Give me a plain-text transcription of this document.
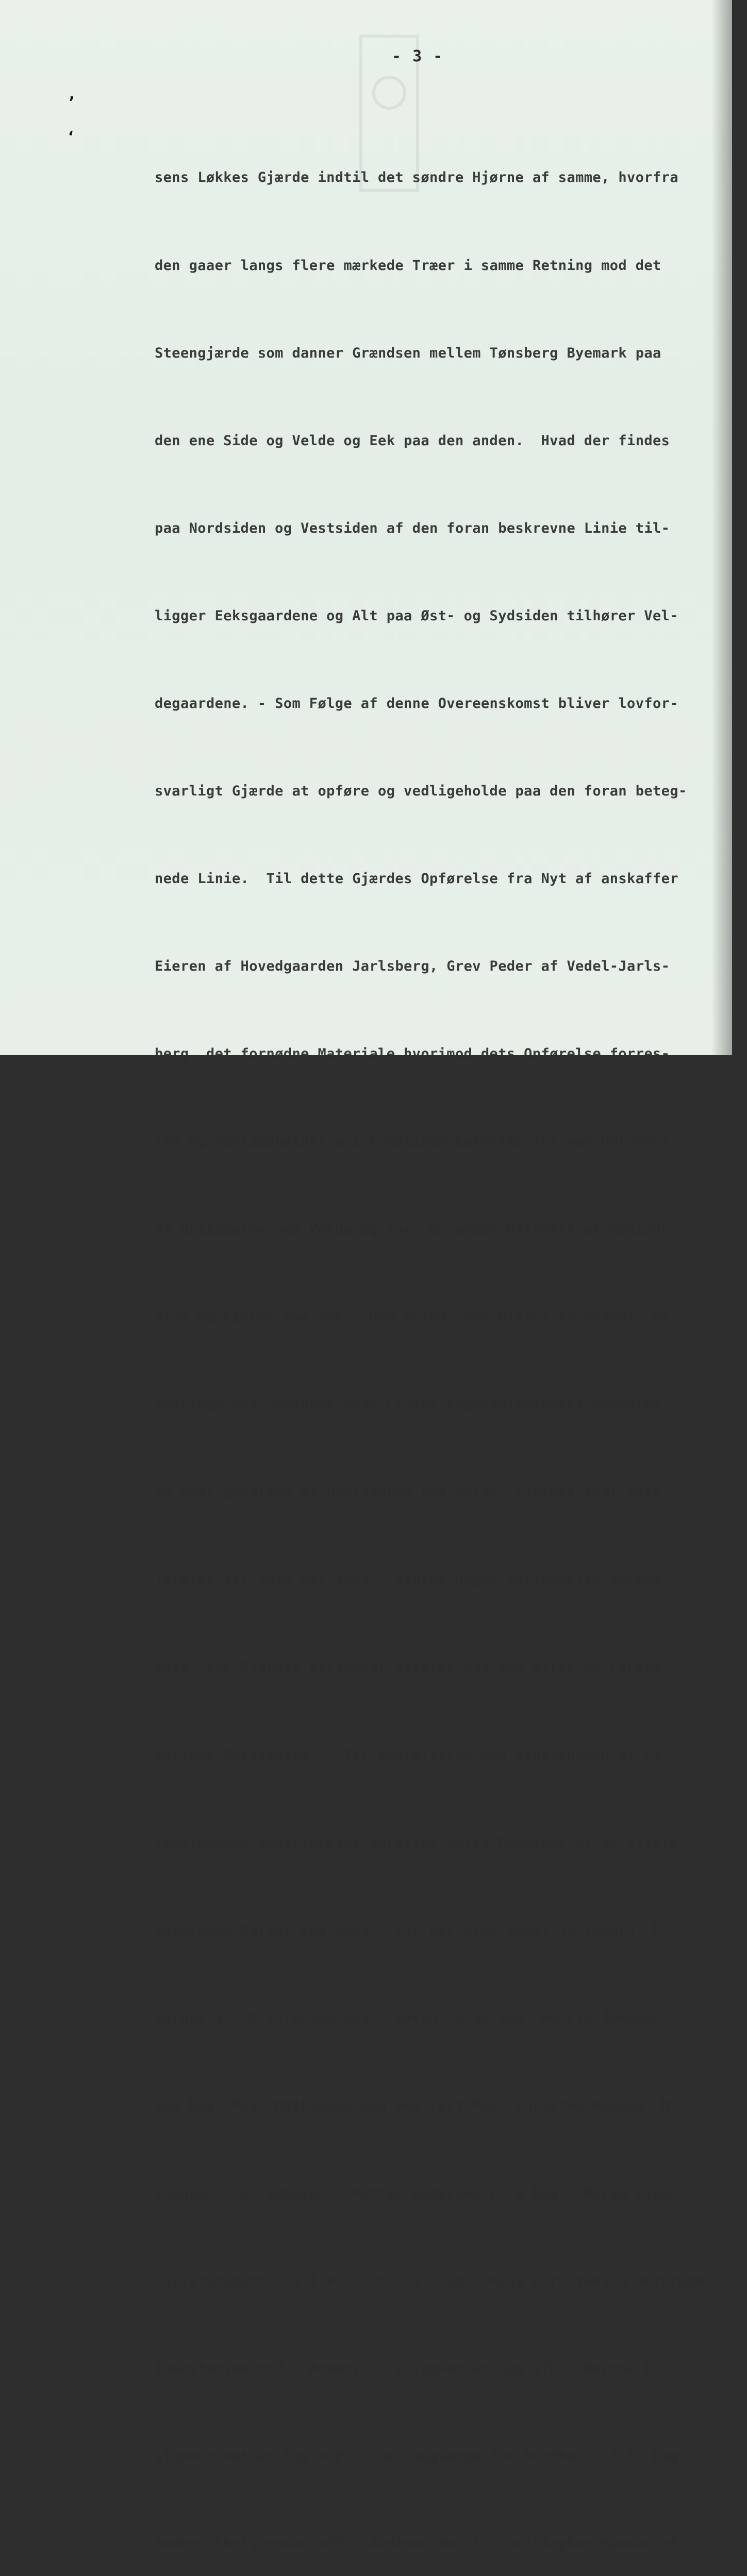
,
ʻ
- 3 -

sens Løkkes Gjærde indtil det søndre Hjørne af samme, hvorfra

den gaaer langs flere mærkede Træer i samme Retning mod det

Steengjærde som danner Grændsen mellem Tønsberg Byemark paa

den ene Side og Velde og Eek paa den anden.  Hvad der findes

paa Nordsiden og Vestsiden af den foran beskrevne Linie til-

ligger Eeksgaardene og Alt paa Øst- og Sydsiden tilhører Vel-

degaardene. - Som Følge af denne Overeenskomst bliver lovfor-

svarligt Gjærde at opføre og vedligeholde paa den foran beteg-

nede Linie.  Til dette Gjærdes Opførelse fra Nyt af anskaffer

Eieren af Hovedgaarden Jarlsberg, Grev Peder af Vedel-Jarls-

berg, det fornødne Materiale hvorimod dets Opførelse forres-

ten og Vedligeholdelse i Fremtiden bekostes for een Halvpart

af Opsidderne paa Velde og for  en anden Halvpart af Opsidd-

erne og Eierne paa Eek.  Den Grind, som bliver fornødent  at

anbringe ved ovenbeskrevne Linies Begyndelsespunct bekostes

og vedligeholdes af Opsidderne paa Velde: Gjærdet skal være

færdigt til 3die Mai 1860.  Skulde nogen Forsømmelse hermed

skee, kan Gjærdet alligevel opføres paa den eller de Forsøm-

meliges Bekostning. - Til Bekræftelse paa Rigtigheden af Fo-

ranstaaende underskreves derefter dette Decument af de tilste-

deværende Parter saaledes.  For Her Grev Vedel Jarlsberg  M.

Berger S. Christensen Eeg.  Søren Torgersen  Henrik Johanne-

sen Eeg  Poul Mathiasen Eeg med ført Pen  Christen Hansen  M.

Johnsen.  A. Jahnsen.  Petter Andersen C  D Eeg.  Maren Olea

Christensdatter m.f.P.   Ch.  I. Eeg.  Hans Christensen Herbrand

Thorstensen mfP.  Anders Christophersen Eeg mfP.  Dorthe Chri-

stophersdatter Eeg mfP.  Som Laugværge for Dorthe C. I S. Eeg.

Anders Christensen mfP.  Andreas Holst  Christopher Hansen af
